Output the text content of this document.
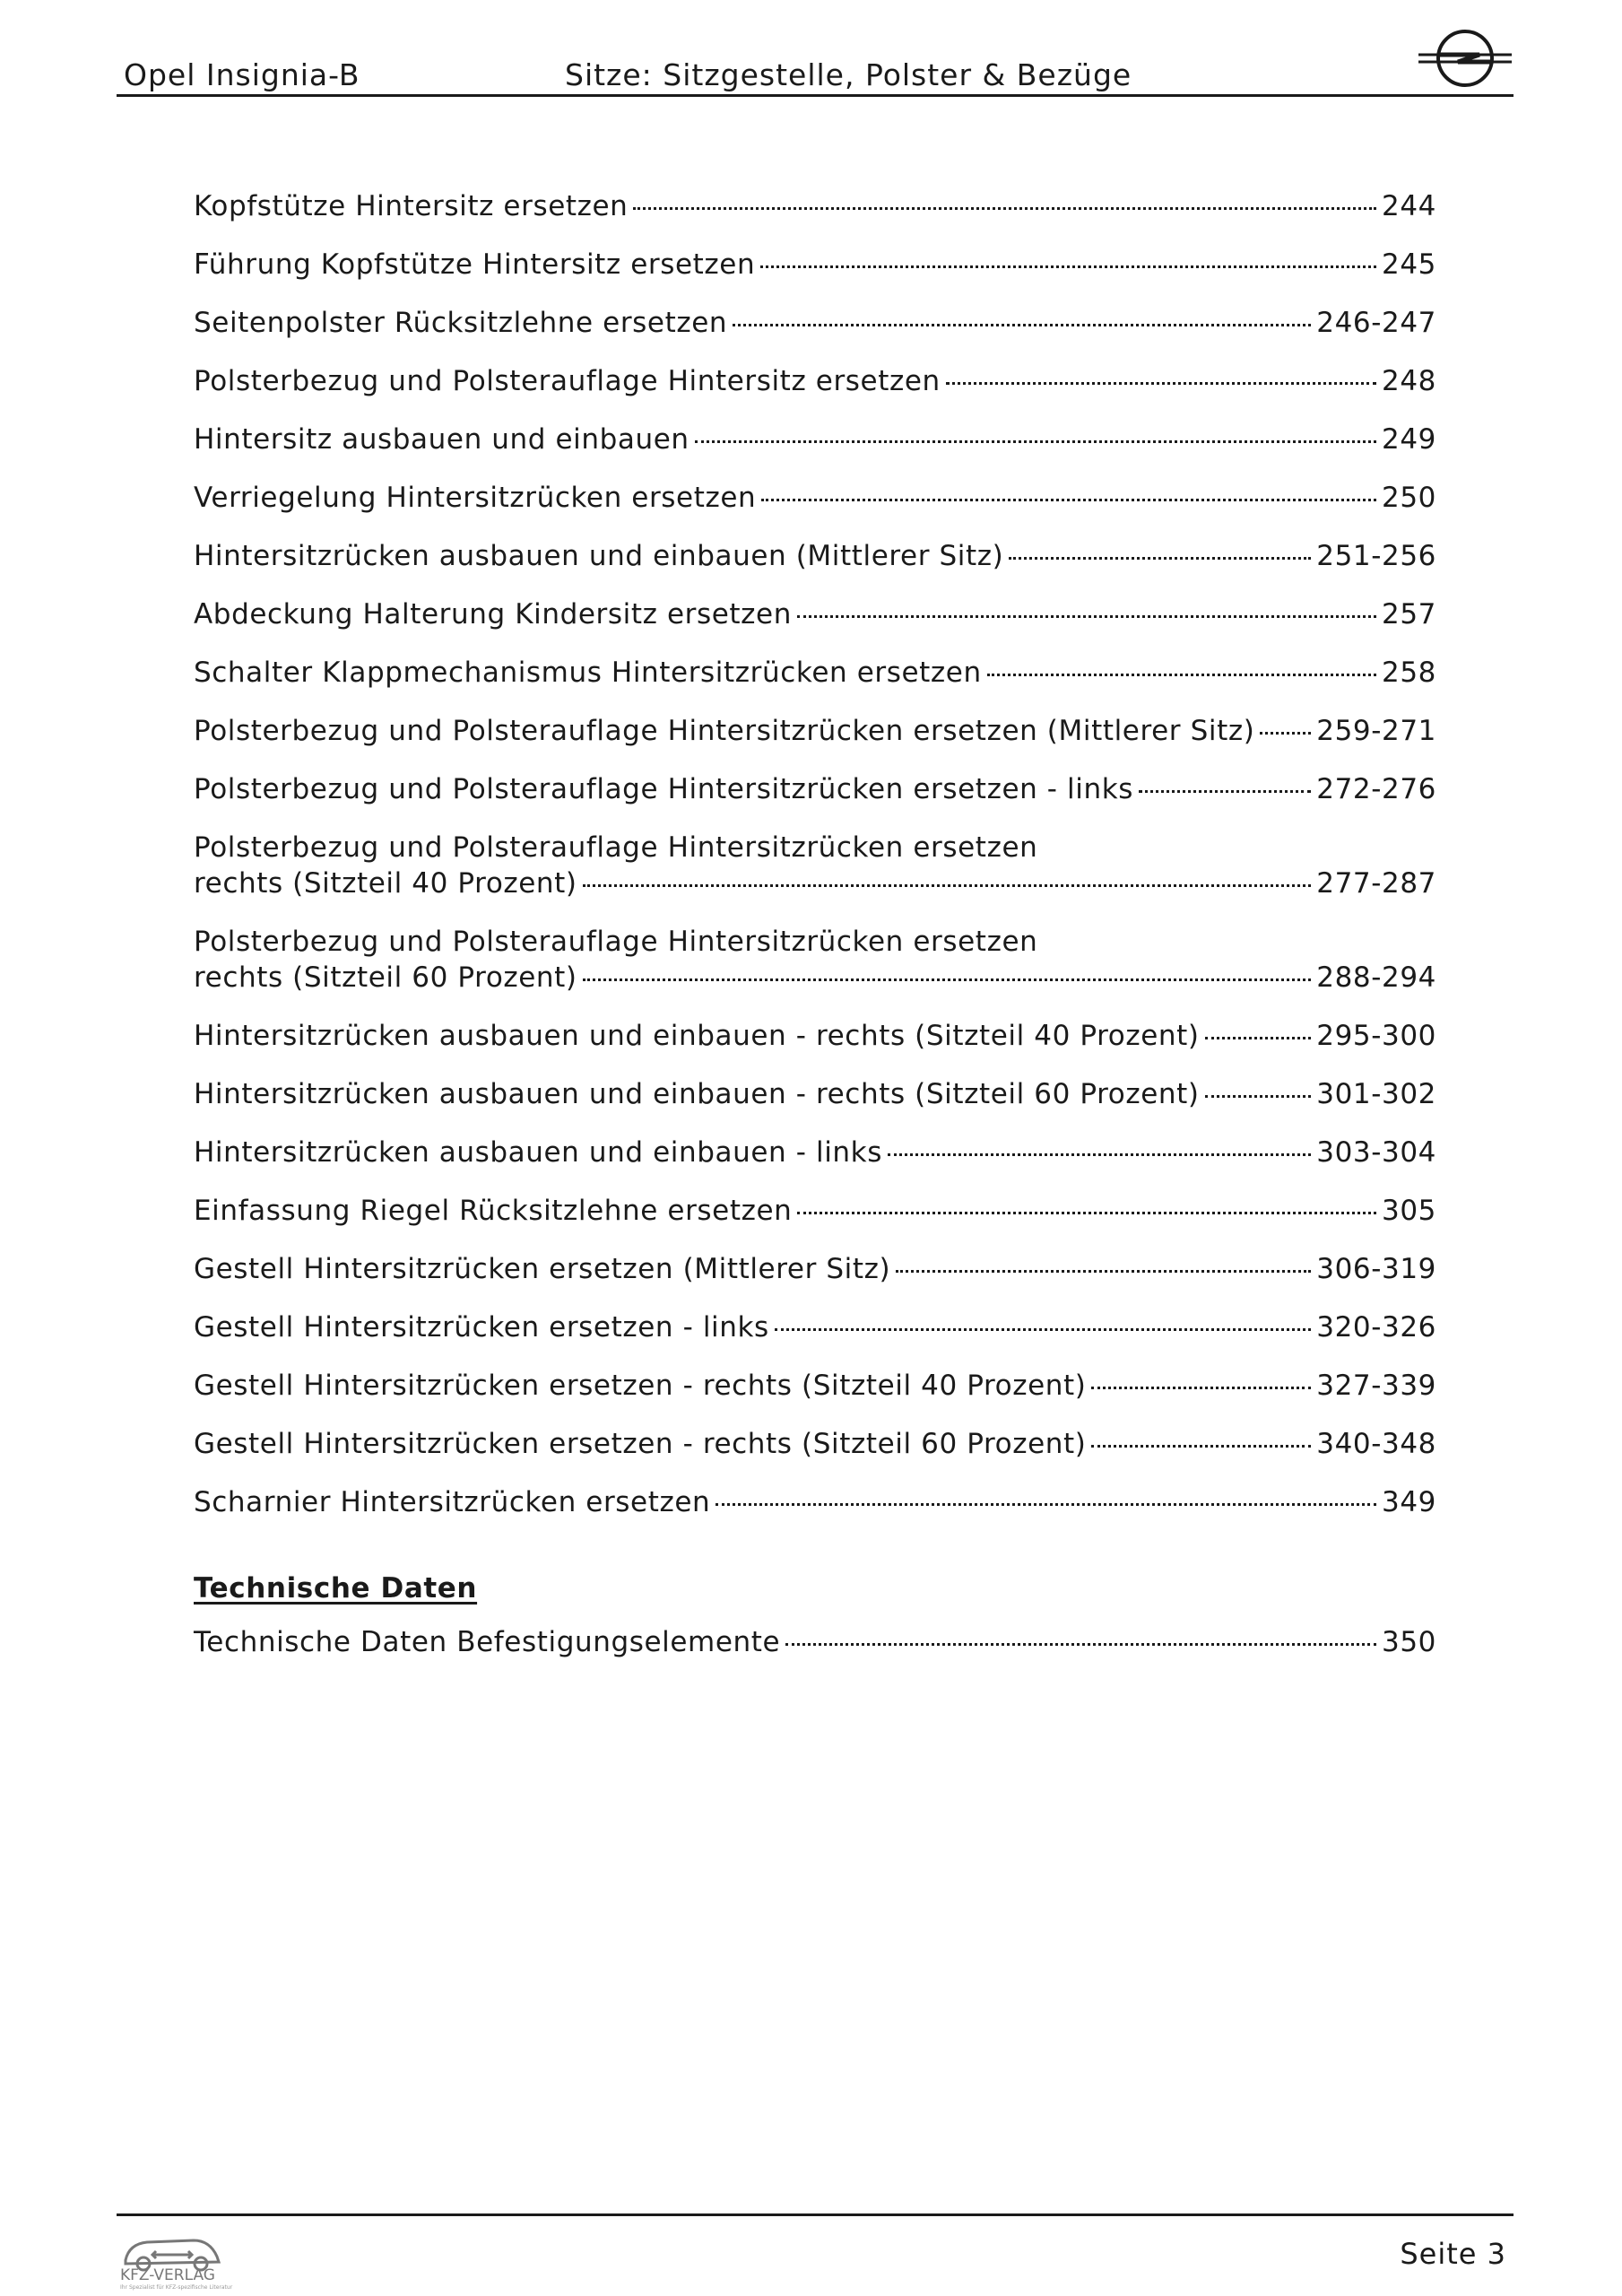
Opel Insignia-B	Sitze: Sitzgestelle, Polster & Bezüge
Kopfstütze Hintersitz ersetzen	244
Führung Kopfstütze Hintersitz ersetzen	245
Seitenpolster Rücksitzlehne ersetzen	246-247
Polsterbezug und Polsterauflage Hintersitz ersetzen	248
Hintersitz ausbauen und einbauen	249
Verriegelung Hintersitzrücken ersetzen	250
Hintersitzrücken ausbauen und einbauen (Mittlerer Sitz)	251-256
Abdeckung Halterung Kindersitz ersetzen	257
Schalter Klappmechanismus Hintersitzrücken ersetzen	258
Polsterbezug und Polsterauflage Hintersitzrücken ersetzen (Mittlerer Sitz) 259-271
Polsterbezug und Polsterauflage Hintersitzrücken ersetzen - links	272-276
Polsterbezug und Polsterauflage Hintersitzrücken ersetzen
rechts (Sitzteil 40 Prozent)	277-287
Polsterbezug und Polsterauflage Hintersitzrücken ersetzen
rechts (Sitzteil 60 Prozent)	288-294
Hintersitzrücken ausbauen und einbauen - rechts (Sitzteil 40 Prozent)	295-300
Hintersitzrücken ausbauen und einbauen - rechts (Sitzteil 60 Prozent)	301-302
Hintersitzrücken ausbauen und einbauen - links	303-304
Einfassung Riegel Rücksitzlehne ersetzen	305
Gestell Hintersitzrücken ersetzen (Mittlerer Sitz)	306-319
Gestell Hintersitzrücken ersetzen - links	320-326
Gestell Hintersitzrücken ersetzen - rechts (Sitzteil 40 Prozent)	327-339
Gestell Hintersitzrücken ersetzen - rechts (Sitzteil 60 Prozent)	340-348
Scharnier Hintersitzrücken ersetzen	349
Technische Daten
Technische Daten Befestigungselemente	350
KFZ-VERLAG
Ihr Spezialist für KFZ-spezifische Literatur
Seite 3
